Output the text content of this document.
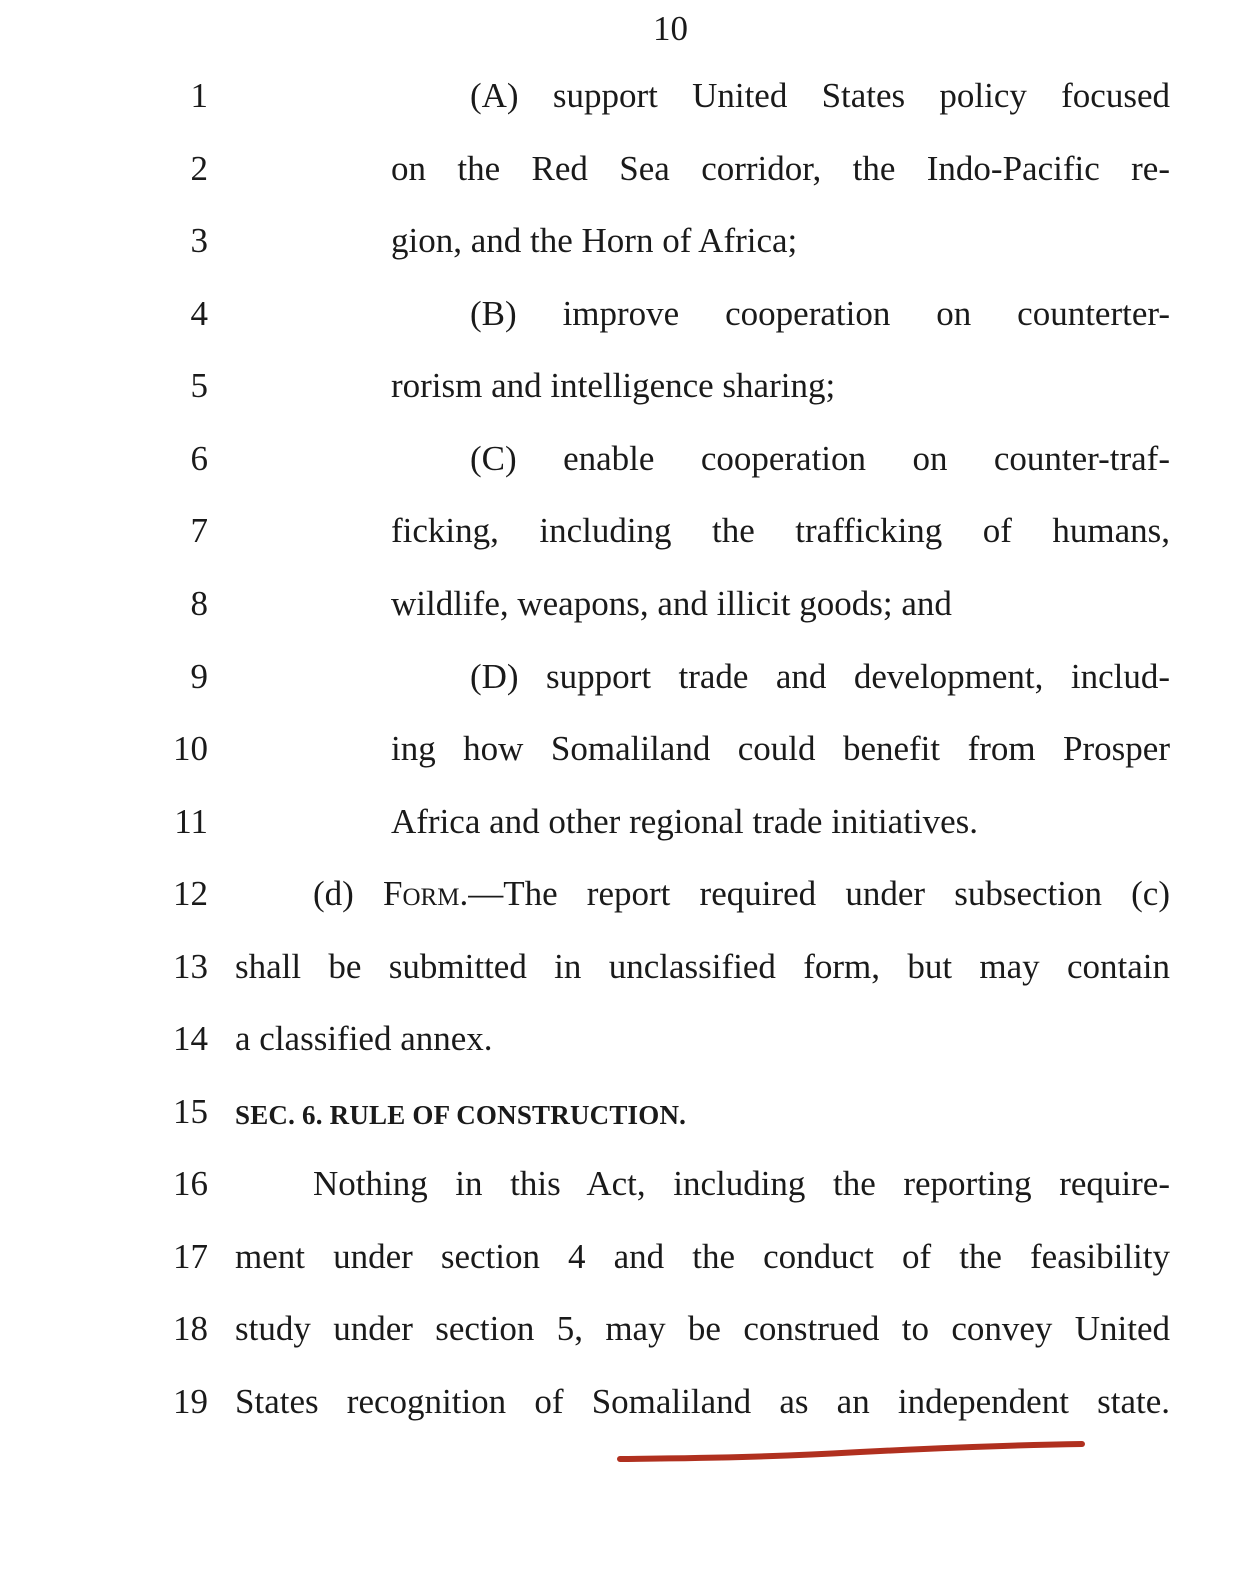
10
1	(A) support United States policy focused
2	on the Red Sea corridor, the Indo-Pacific re-
3	gion, and the Horn of Africa;
4	(B) improve cooperation on counterter-
5	rorism and intelligence sharing;
6	(C) enable cooperation on counter-traf-
7	ficking, including the trafficking of humans,
8	wildlife, weapons, and illicit goods; and
9	(D) support trade and development, includ-
10	ing how Somaliland could benefit from Prosper
11	Africa and other regional trade initiatives.
12	(d) Form.—The report required under subsection (c)
13 shall be submitted in unclassified form, but may contain
14 a classified annex.
15 SEC. 6. RULE OF CONSTRUCTION.
16	Nothing in this Act, including the reporting require-
17 ment under section 4 and the conduct of the feasibility
18 study under section 5, may be construed to convey United
19 States recognition of Somaliland as an independent state.
